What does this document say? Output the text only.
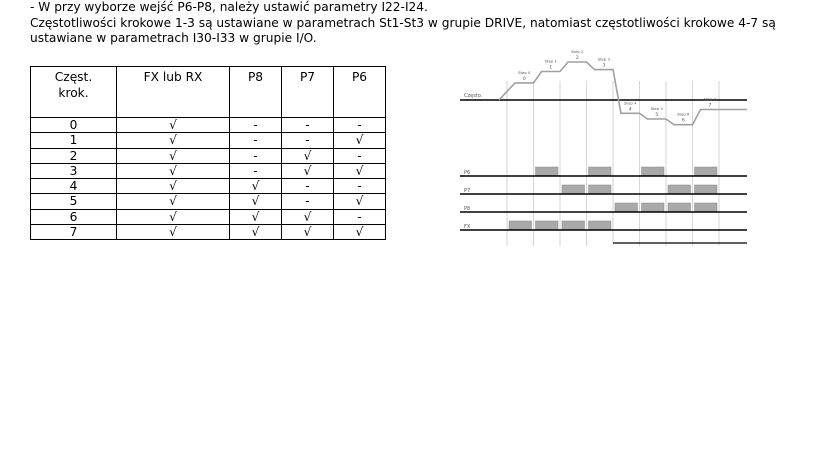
- W przy wyborze wejść P6-P8, należy ustawić parametry I22-I24.

Częstotliwości krokowe 1-3 są ustawiane w parametrach St1-St3 w grupie DRIVE, natomiast częstotliwości krokowe 4-7 są

ustawiane w parametrach I30-I33 w grupie I/O.

Częst.
krok.	FX lub RX	P8	P7	P6
0	√	-	-	-
1	√	-	-	√
2	√	-	√	-
3	√	-	√	√
4	√	√	-	-
5	√	√	-	√
6	√	√	√	-
7	√	√	√	√
Często.
Step 0
0
Step 1
1
Step 2
2	Step 3
3
Step 4
4	Step 5
5	Step 6
6
Step 7
7
P6
P7
P8
FX
